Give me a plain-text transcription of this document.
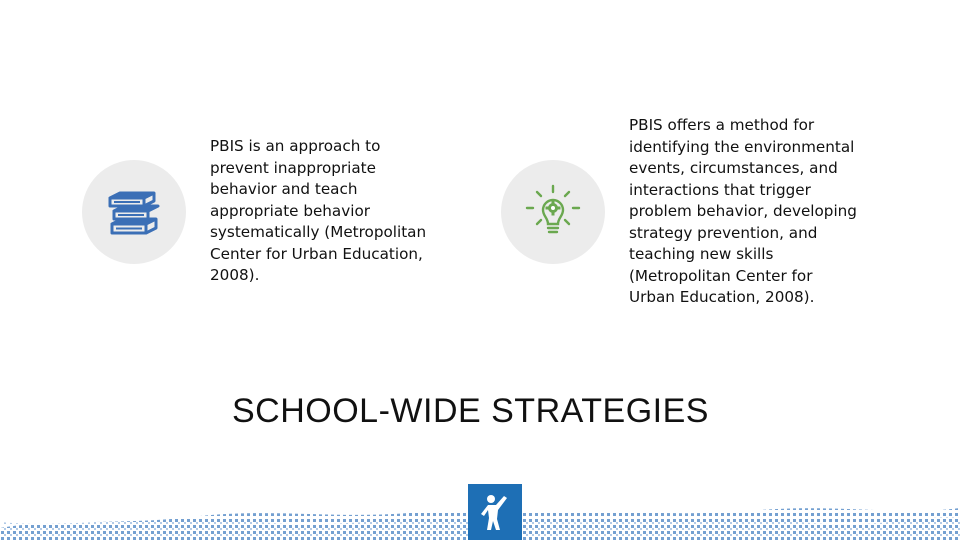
PBIS is an approach to
prevent inappropriate
behavior and teach
appropriate behavior
systematically (Metropolitan
Center for Urban Education,
2008).
PBIS offers a method for
identifying the environmental
events, circumstances, and
interactions that trigger
problem behavior, developing
strategy prevention, and
teaching new skills
(Metropolitan Center for
Urban Education, 2008).
SCHOOL-WIDE STRATEGIES
